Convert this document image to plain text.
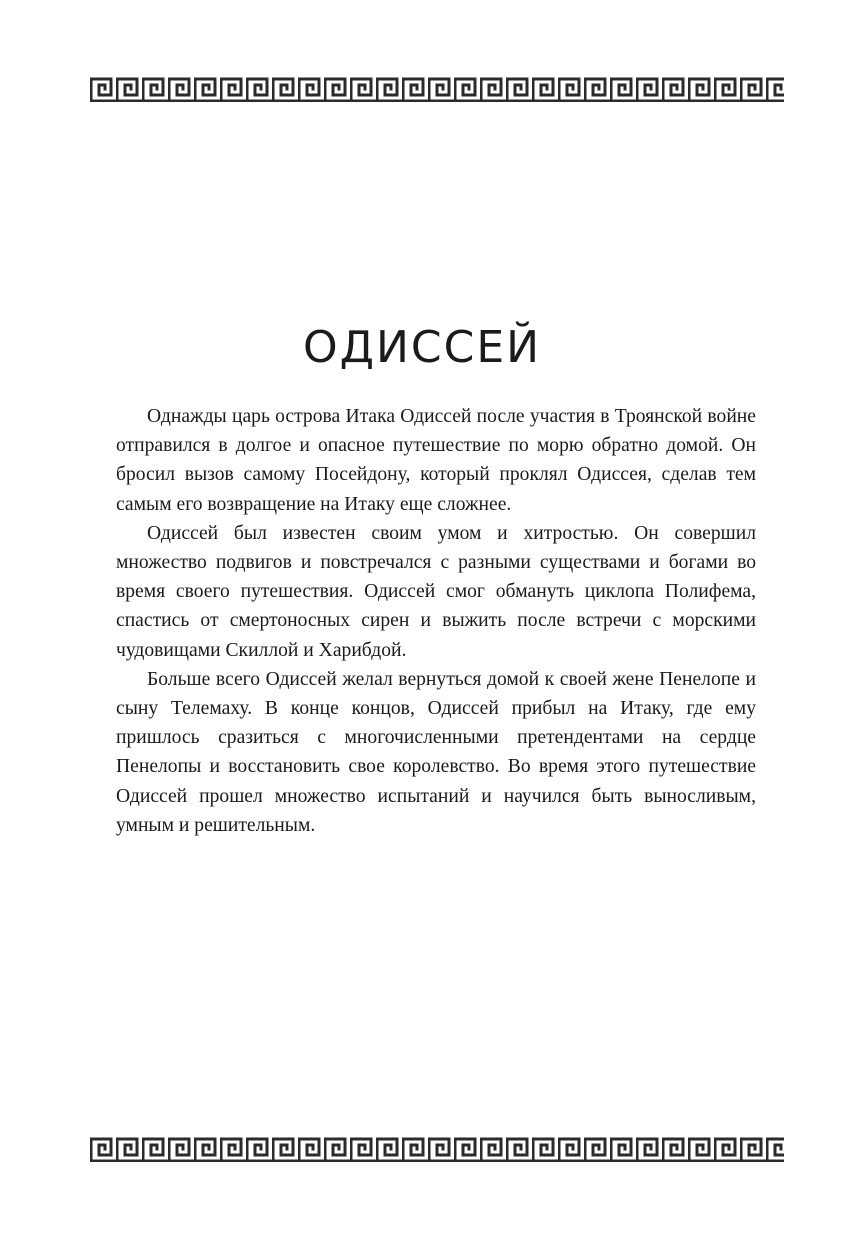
ОДИССЕЙ

Однажды царь острова Итака Одиссей после участия в Троянской войне отправился в долгое и опасное путешествие по морю обратно домой. Он бросил вызов самому Посейдону, который проклял Одиссея, сделав тем самым его возвращение на Итаку еще сложнее.

Одиссей был известен своим умом и хитростью. Он совершил множество подвигов и повстречался с разными существами и богами во время своего путешествия. Одиссей смог обмануть циклопа Полифема, спастись от смертоносных сирен и выжить после встречи с морскими чудовищами Скиллой и Харибдой.

Больше всего Одиссей желал вернуться домой к своей жене Пенелопе и сыну Телемаху. В конце концов, Одиссей прибыл на Итаку, где ему пришлось сразиться с многочисленными претендентами на сердце Пенелопы и восстановить свое королевство. Во время этого путешествие Одиссей прошел множество испытаний и научился быть выносливым, умным и решительным.
